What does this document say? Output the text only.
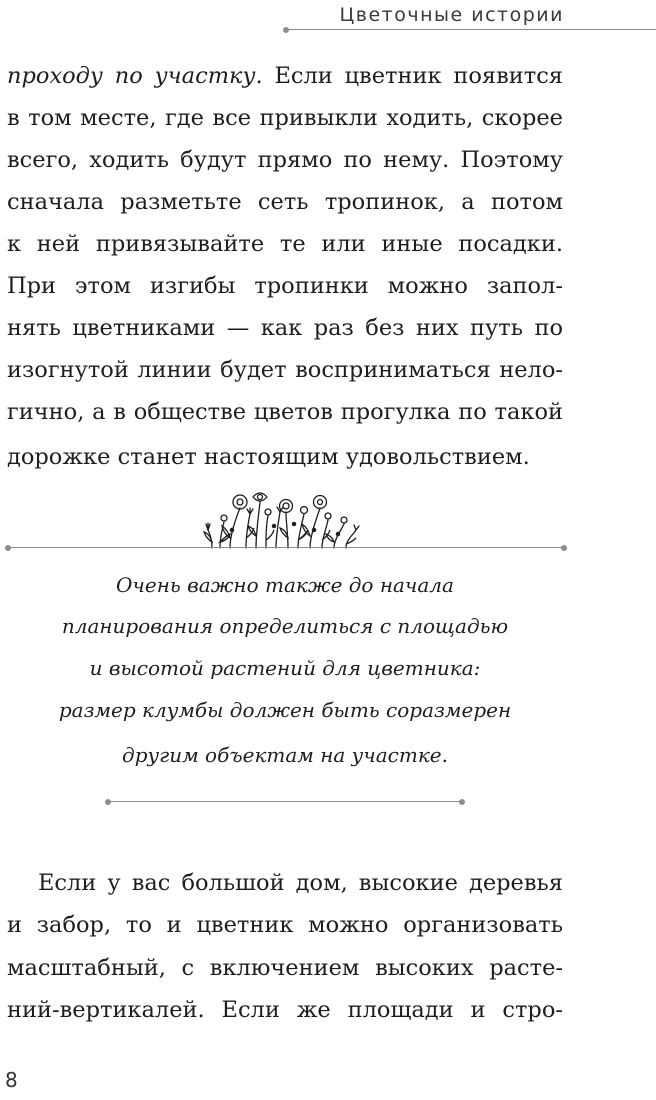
Цветочные истории
проходу по участку. Если цветник появится
в том месте, где все привыкли ходить, скорее
всего, ходить будут прямо по нему. Поэтому
сначала разметьте сеть тропинок, а потом
к ней привязывайте те или иные посадки.
При этом изгибы тропинки можно запол-
нять цветниками — как раз без них путь по
изогнутой линии будет восприниматься нело-
гично, а в обществе цветов прогулка по такой
дорожке станет настоящим удовольствием.
Очень важно также до начала
планирования определиться с площадью
и высотой растений для цветника:
размер клумбы должен быть соразмерен
другим объектам на участке.
Если у вас большой дом, высокие деревья
и забор, то и цветник можно организовать
масштабный, с включением высоких расте-
ний-вертикалей. Если же площади и стро-
8
